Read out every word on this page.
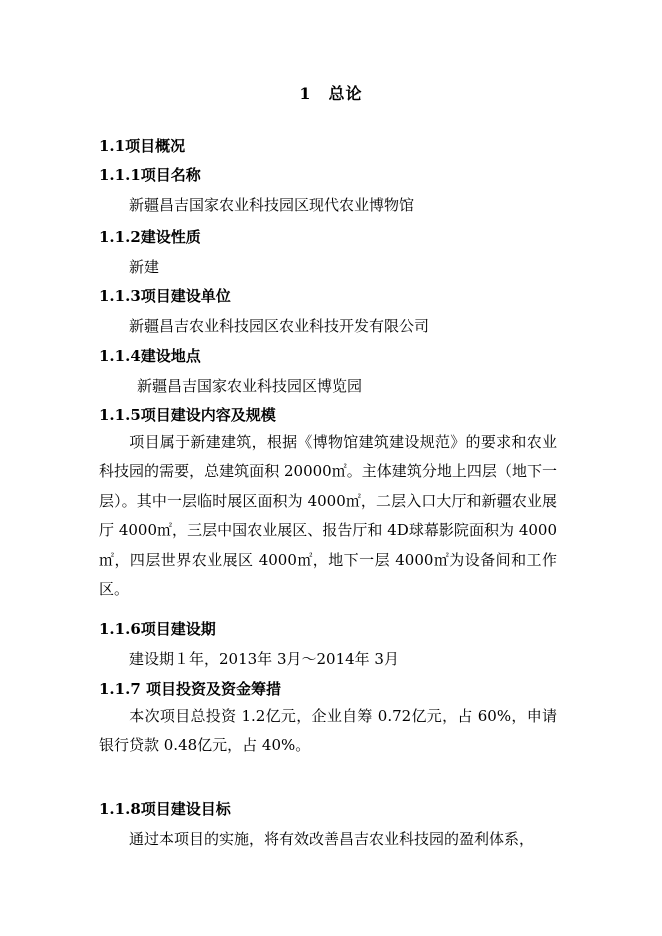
1　总论
1.1项目概况
1.1.1项目名称
新疆昌吉国家农业科技园区现代农业博物馆
1.1.2建设性质
新建
1.1.3项目建设单位
新疆昌吉农业科技园区农业科技开发有限公司
1.1.4建设地点
新疆昌吉国家农业科技园区博览园
1.1.5项目建设内容及规模
项目属于新建建筑，根据《博物馆建筑建设规范》的要求和农业科技园的需要，总建筑面积 20000㎡。主体建筑分地上四层（地下一层）。其中一层临时展区面积为 4000㎡，二层入口大厅和新疆农业展厅 4000㎡，三层中国农业展区、报告厅和 4D球幕影院面积为 4000㎡，四层世界农业展区 4000㎡，地下一层 4000㎡为设备间和工作区。
1.1.6项目建设期
建设期１年，2013年 3月～2014年 3月
1.1.7 项目投资及资金筹措
本次项目总投资 1.2亿元，企业自筹 0.72亿元，占 60%，申请银行贷款 0.48亿元，占 40%。
1.1.8项目建设目标
通过本项目的实施，将有效改善昌吉农业科技园的盈利体系，
